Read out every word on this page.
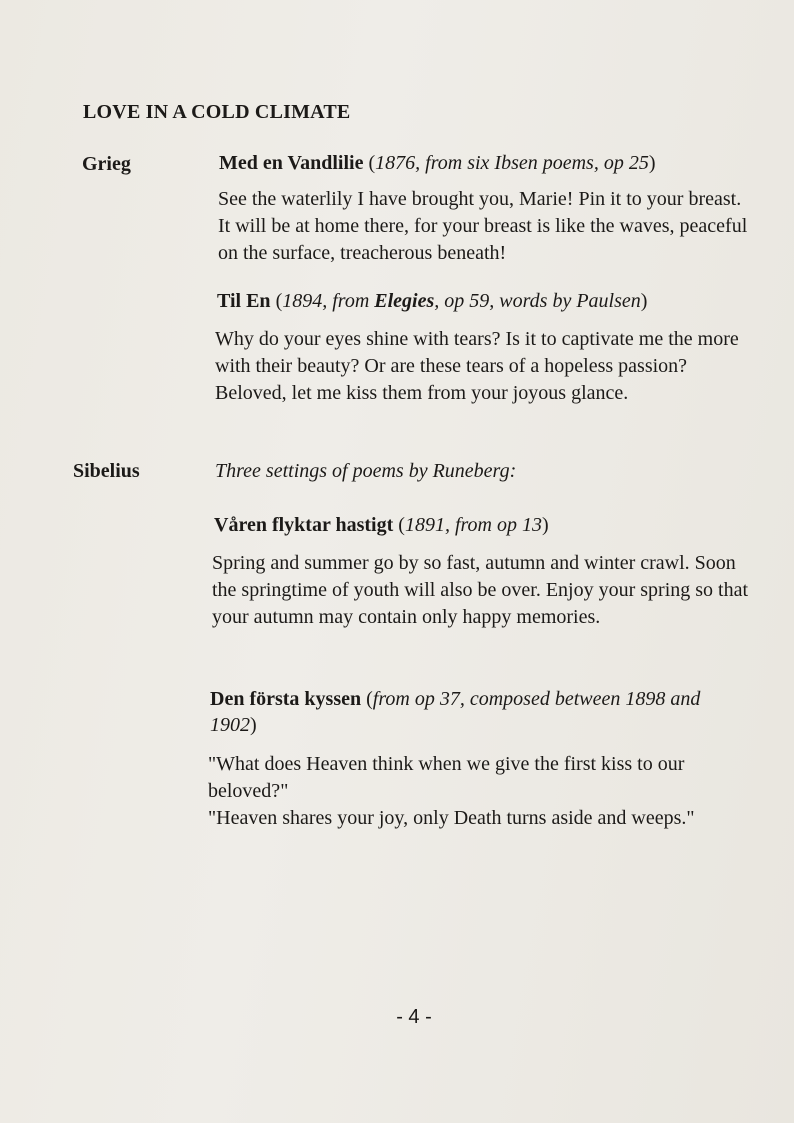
LOVE IN A COLD CLIMATE
Grieg	Med en Vandlilie (1876, from six Ibsen poems, op 25)
See the waterlily I have brought you, Marie! Pin it to your breast. It will be at home there, for your breast is like the waves, peaceful on the surface, treacherous beneath!
Til En (1894, from Elegies, op 59, words by Paulsen)
Why do your eyes shine with tears? Is it to captivate me the more with their beauty? Or are these tears of a hopeless passion? Beloved, let me kiss them from your joyous glance.
Sibelius	Three settings of poems by Runeberg:
Våren flyktar hastigt (1891, from op 13)
Spring and summer go by so fast, autumn and winter crawl. Soon the springtime of youth will also be over. Enjoy your spring so that your autumn may contain only happy memories.
Den första kyssen (from op 37, composed between 1898 and 1902)

"What does Heaven think when we give the first kiss to our beloved?"

"Heaven shares your joy, only Death turns aside and weeps."

- 4 -
